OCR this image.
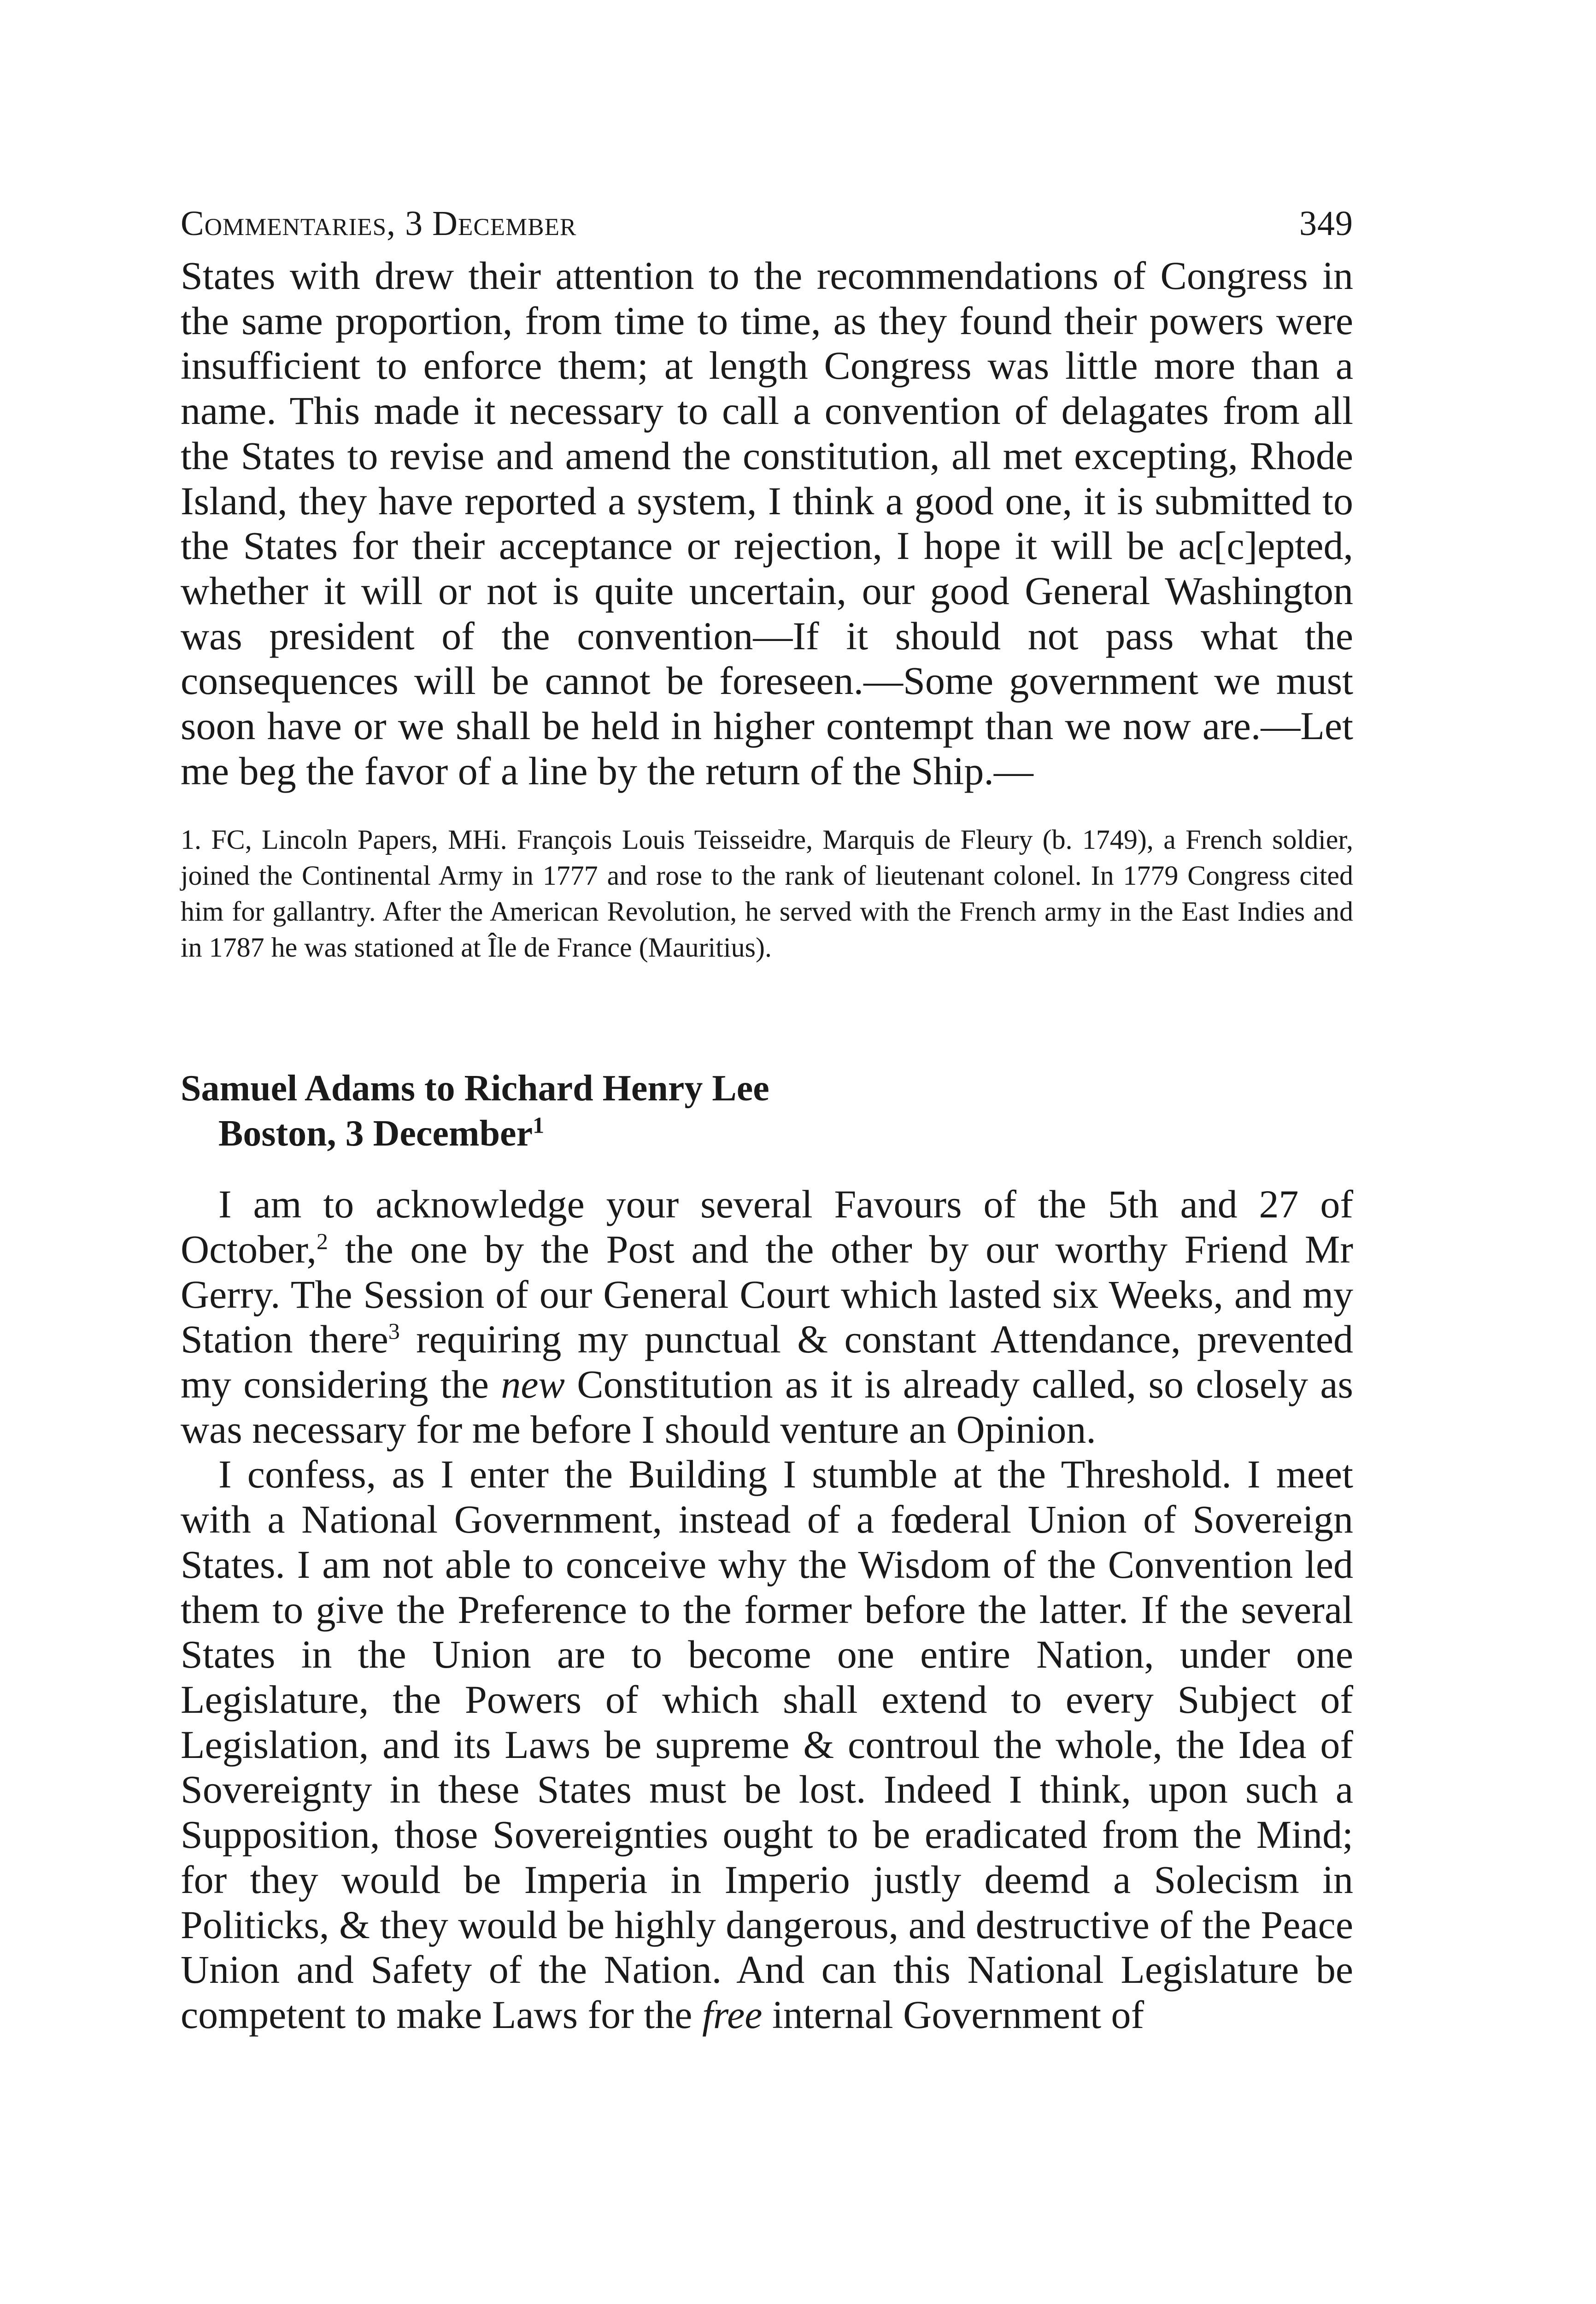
Commentaries, 3 December	349

States with drew their attention to the recommendations of Congress in the same proportion, from time to time, as they found their powers were insufficient to enforce them; at length Congress was little more than a name. This made it necessary to call a convention of delagates from all the States to revise and amend the constitution, all met excepting, Rhode Island, they have reported a system, I think a good one, it is submitted to the States for their acceptance or rejection, I hope it will be ac[c]epted, whether it will or not is quite uncertain, our good General Washington was president of the convention—If it should not pass what the consequences will be cannot be foreseen.—Some government we must soon have or we shall be held in higher contempt than we now are.—Let me beg the favor of a line by the return of the Ship.—

1. FC, Lincoln Papers, MHi. François Louis Teisseidre, Marquis de Fleury (b. 1749), a French soldier, joined the Continental Army in 1777 and rose to the rank of lieutenant colonel. In 1779 Congress cited him for gallantry. After the American Revolution, he served with the French army in the East Indies and in 1787 he was stationed at Île de France (Mauritius).

Samuel Adams to Richard Henry Lee
Boston, 3 December$^1$

I am to acknowledge your several Favours of the 5th and 27 of October,$^2$ the one by the Post and the other by our worthy Friend Mr Gerry. The Session of our General Court which lasted six Weeks, and my Station there$^3$ requiring my punctual & constant Attendance, prevented my considering the new Constitution as it is already called, so closely as was necessary for me before I should venture an Opinion.

I confess, as I enter the Building I stumble at the Threshold. I meet with a National Government, instead of a fœderal Union of Sovereign States. I am not able to conceive why the Wisdom of the Convention led them to give the Preference to the former before the latter. If the several States in the Union are to become one entire Nation, under one Legislature, the Powers of which shall extend to every Subject of Legislation, and its Laws be supreme & controul the whole, the Idea of Sovereignty in these States must be lost. Indeed I think, upon such a Supposition, those Sovereignties ought to be eradicated from the Mind; for they would be Imperia in Imperio justly deemd a Solecism in Politicks, & they would be highly dangerous, and destructive of the Peace Union and Safety of the Nation. And can this National Legislature be competent to make Laws for the free internal Government of
